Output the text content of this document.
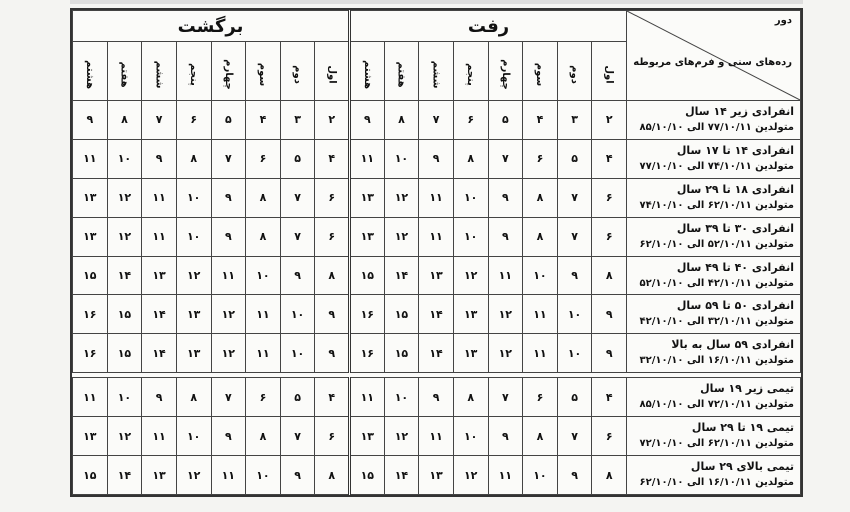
دور
رده‌های سنی و فرم‌های مربوطه	رفت								برگشت							
	اول	دوم	سوم	چهارم	پنجم	ششم	هفتم	هشتم	اول	دوم	سوم	چهارم	پنجم	ششم	هفتم	هشتم

انفرادی زیر ۱۴ سال
متولدین ۷۷/۱۰/۱۱ الی ۸۵/۱۰/۱۰	۲	۳	۴	۵	۶	۷	۸	۹	۲	۳	۴	۵	۶	۷	۸	۹

انفرادی ۱۴ تا ۱۷ سال
متولدین ۷۴/۱۰/۱۱ الی ۷۷/۱۰/۱۰	۴	۵	۶	۷	۸	۹	۱۰	۱۱	۴	۵	۶	۷	۸	۹	۱۰	۱۱

انفرادی ۱۸ تا ۲۹ سال
متولدین ۶۲/۱۰/۱۱ الی ۷۴/۱۰/۱۰	۶	۷	۸	۹	۱۰	۱۱	۱۲	۱۳	۶	۷	۸	۹	۱۰	۱۱	۱۲	۱۳

انفرادی ۳۰ تا ۳۹ سال
متولدین ۵۲/۱۰/۱۱ الی ۶۲/۱۰/۱۰	۶	۷	۸	۹	۱۰	۱۱	۱۲	۱۳	۶	۷	۸	۹	۱۰	۱۱	۱۲	۱۳

انفرادی ۴۰ تا ۴۹ سال
متولدین ۴۲/۱۰/۱۱ الی ۵۲/۱۰/۱۰	۸	۹	۱۰	۱۱	۱۲	۱۳	۱۴	۱۵	۸	۹	۱۰	۱۱	۱۲	۱۳	۱۴	۱۵

انفرادی ۵۰ تا ۵۹ سال
متولدین ۳۲/۱۰/۱۱ الی ۴۲/۱۰/۱۰	۹	۱۰	۱۱	۱۲	۱۳	۱۴	۱۵	۱۶	۹	۱۰	۱۱	۱۲	۱۳	۱۴	۱۵	۱۶

انفرادی ۵۹ سال به بالا
متولدین ۱۶/۱۰/۱۱ الی ۳۲/۱۰/۱۰	۹	۱۰	۱۱	۱۲	۱۳	۱۴	۱۵	۱۶	۹	۱۰	۱۱	۱۲	۱۳	۱۴	۱۵	۱۶

تیمی زیر ۱۹ سال
متولدین ۷۲/۱۰/۱۱ الی ۸۵/۱۰/۱۰	۴	۵	۶	۷	۸	۹	۱۰	۱۱	۴	۵	۶	۷	۸	۹	۱۰	۱۱

تیمی ۱۹ تا ۲۹ سال
متولدین ۶۲/۱۰/۱۱ الی ۷۲/۱۰/۱۰	۶	۷	۸	۹	۱۰	۱۱	۱۲	۱۳	۶	۷	۸	۹	۱۰	۱۱	۱۲	۱۳

تیمی بالای ۲۹ سال
متولدین ۱۶/۱۰/۱۱ الی ۶۲/۱۰/۱۰	۸	۹	۱۰	۱۱	۱۲	۱۳	۱۴	۱۵	۸	۹	۱۰	۱۱	۱۲	۱۳	۱۴	۱۵
